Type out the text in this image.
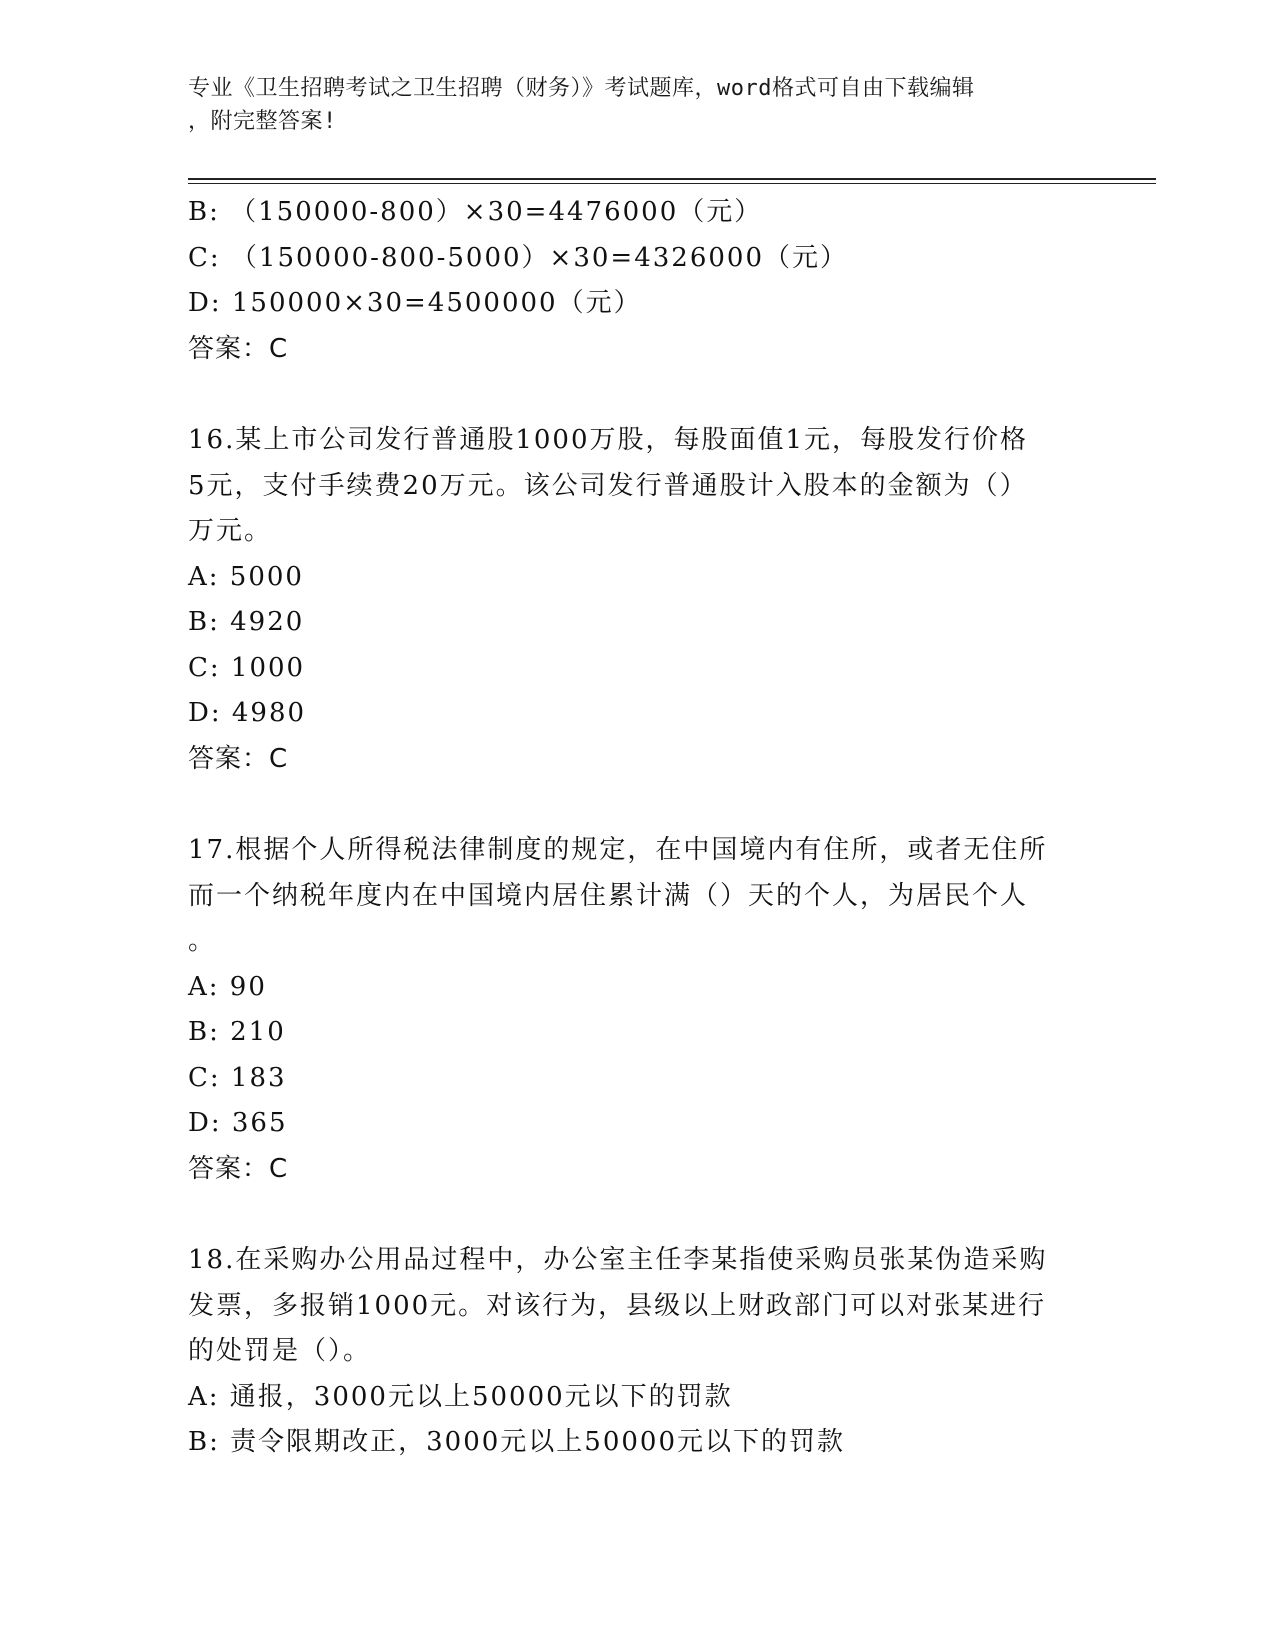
专业《卫生招聘考试之卫生招聘（财务）》考试题库，word格式可自由下载编辑
，附完整答案!
B: （150000-800）×30=4476000（元）
C: （150000-800-5000）×30=4326000（元）
D: 150000×30=4500000（元）
答案：C
16.某上市公司发行普通股1000万股，每股面值1元，每股发行价格
5元，支付手续费20万元。该公司发行普通股计入股本的金额为（）
万元。
A: 5000
B: 4920
C: 1000
D: 4980
答案：C
17.根据个人所得税法律制度的规定，在中国境内有住所，或者无住所
而一个纳税年度内在中国境内居住累计满（）天的个人，为居民个人
。
A: 90
B: 210
C: 183
D: 365
答案：C
18.在采购办公用品过程中，办公室主任李某指使采购员张某伪造采购
发票，多报销1000元。对该行为，县级以上财政部门可以对张某进行
的处罚是（）。
A: 通报，3000元以上50000元以下的罚款
B: 责令限期改正，3000元以上50000元以下的罚款
